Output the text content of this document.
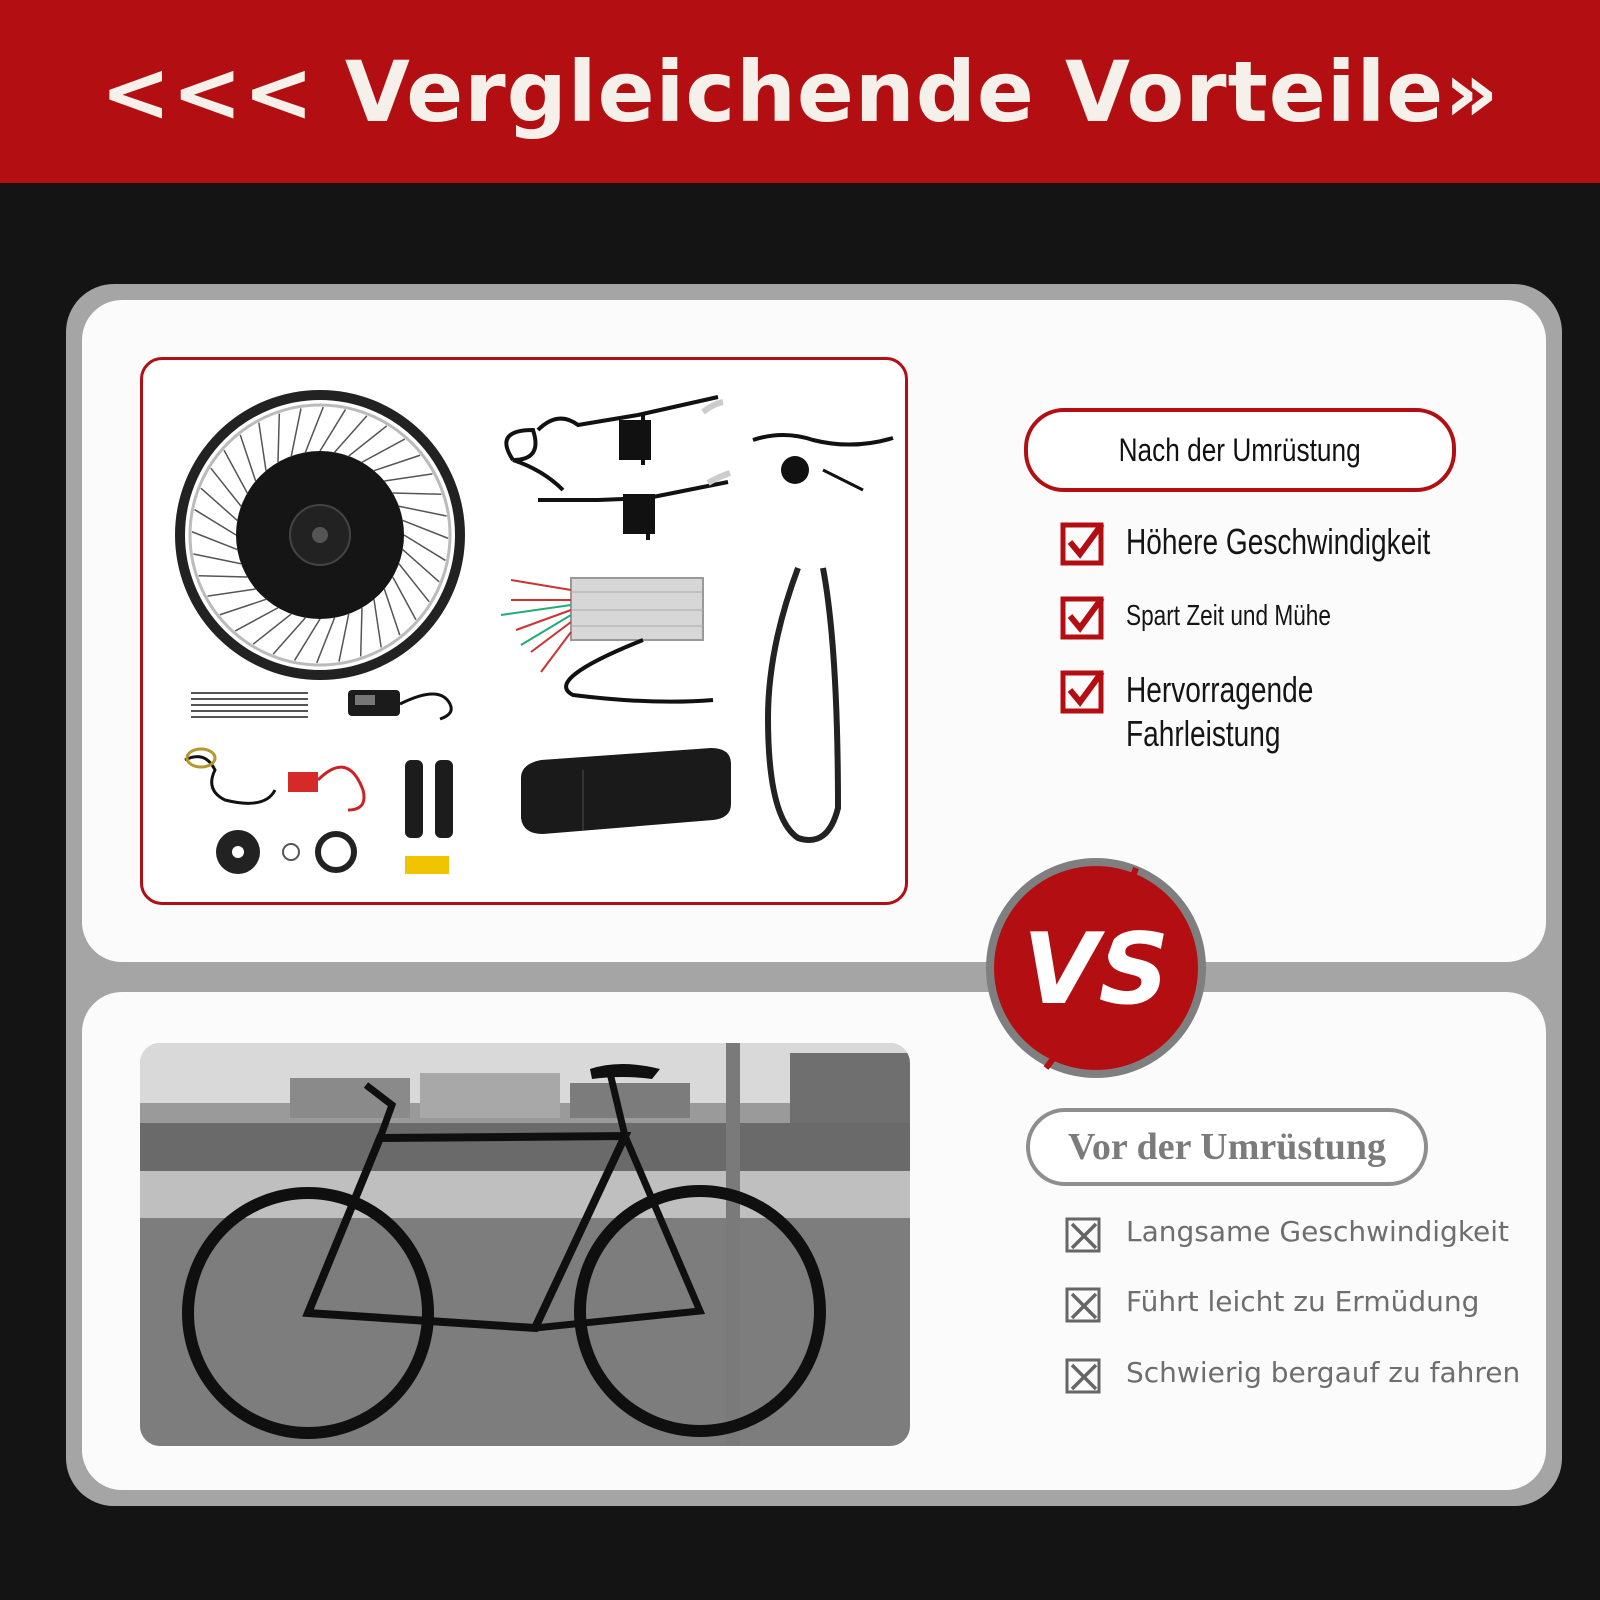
<<< Vergleichende Vorteile»
Nach der Umrüstung
Höhere Geschwindigkeit
Spart Zeit und Mühe
Hervorragende
Fahrleistung
VS
Vor der Umrüstung
Langsame Geschwindigkeit
Führt leicht zu Ermüdung
Schwierig bergauf zu fahren
